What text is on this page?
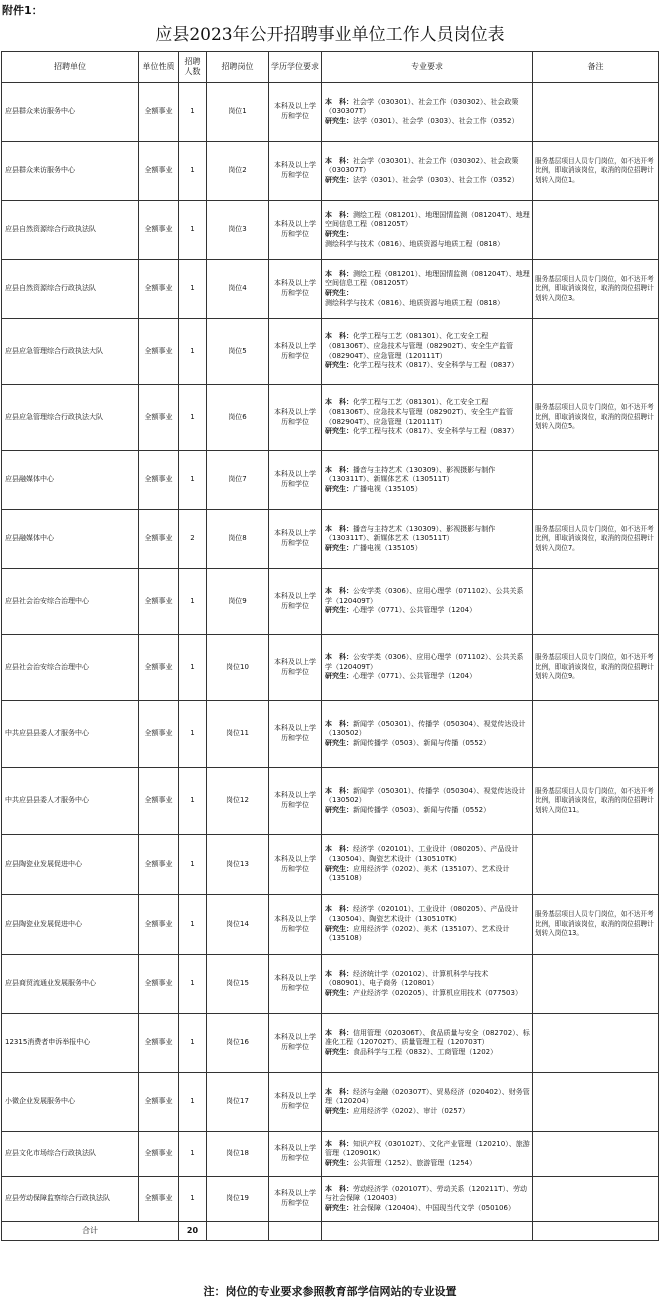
附件1：
应县2023年公开招聘事业单位工作人员岗位表
招聘单位	单位性质	招聘人数	招聘岗位	学历学位要求	专业要求	备注
应县群众来访服务中心	全额事业	1	岗位1	本科及以上学历和学位	本　科：社会学（030301）、社会工作（030302）、社会政策（030307T）
研究生：法学（0301）、社会学（0303）、社会工作（0352）	
应县群众来访服务中心	全额事业	1	岗位2	本科及以上学历和学位	本　科：社会学（030301）、社会工作（030302）、社会政策（030307T）
研究生：法学（0301）、社会学（0303）、社会工作（0352）	服务基层项目人员专门岗位，如不达开考比例，即取消该岗位，取消的岗位招聘计划转入岗位1。
应县自然资源综合行政执法队	全额事业	1	岗位3	本科及以上学历和学位	本　科：测绘工程（081201）、地理国情监测（081204T）、地理空间信息工程（081205T）
研究生：测绘科学与技术（0816）、地质资源与地质工程（0818）	
应县自然资源综合行政执法队	全额事业	1	岗位4	本科及以上学历和学位	本　科：测绘工程（081201）、地理国情监测（081204T）、地理空间信息工程（081205T）
研究生：测绘科学与技术（0816）、地质资源与地质工程（0818）	服务基层项目人员专门岗位，如不达开考比例，即取消该岗位，取消的岗位招聘计划转入岗位3。
应县应急管理综合行政执法大队	全额事业	1	岗位5	本科及以上学历和学位	本　科：化学工程与工艺（081301）、化工安全工程（081306T）、应急技术与管理（082902T）、安全生产监管（082904T）、应急管理（120111T）
研究生：化学工程与技术（0817）、安全科学与工程（0837）	
应县应急管理综合行政执法大队	全额事业	1	岗位6	本科及以上学历和学位	本　科：化学工程与工艺（081301）、化工安全工程（081306T）、应急技术与管理（082902T）、安全生产监管（082904T）、应急管理（120111T）
研究生：化学工程与技术（0817）、安全科学与工程（0837）	服务基层项目人员专门岗位，如不达开考比例，即取消该岗位，取消的岗位招聘计划转入岗位5。
应县融媒体中心	全额事业	1	岗位7	本科及以上学历和学位	本　科：播音与主持艺术（130309）、影视摄影与制作（130311T）、新媒体艺术（130511T）
研究生：广播电视（135105）	
应县融媒体中心	全额事业	2	岗位8	本科及以上学历和学位	本　科：播音与主持艺术（130309）、影视摄影与制作（130311T）、新媒体艺术（130511T）
研究生：广播电视（135105）	服务基层项目人员专门岗位，如不达开考比例，即取消该岗位，取消的岗位招聘计划转入岗位7。
应县社会治安综合治理中心	全额事业	1	岗位9	本科及以上学历和学位	本　科：公安学类（0306）、应用心理学（071102）、公共关系学（120409T）
研究生：心理学（0771）、公共管理学（1204）	
应县社会治安综合治理中心	全额事业	1	岗位10	本科及以上学历和学位	本　科：公安学类（0306）、应用心理学（071102）、公共关系学（120409T）
研究生：心理学（0771）、公共管理学（1204）	服务基层项目人员专门岗位，如不达开考比例，即取消该岗位，取消的岗位招聘计划转入岗位9。
中共应县县委人才服务中心	全额事业	1	岗位11	本科及以上学历和学位	本　科：新闻学（050301）、传播学（050304）、视觉传达设计（130502）
研究生：新闻传播学（0503）、新闻与传播（0552）	
中共应县县委人才服务中心	全额事业	1	岗位12	本科及以上学历和学位	本　科：新闻学（050301）、传播学（050304）、视觉传达设计（130502）
研究生：新闻传播学（0503）、新闻与传播（0552）	服务基层项目人员专门岗位，如不达开考比例，即取消该岗位，取消的岗位招聘计划转入岗位11。
应县陶瓷业发展促进中心	全额事业	1	岗位13	本科及以上学历和学位	本　科：经济学（020101）、工业设计（080205）、产品设计（130504）、陶瓷艺术设计（130510TK）
研究生：应用经济学（0202）、美术（135107）、艺术设计（135108）	
应县陶瓷业发展促进中心	全额事业	1	岗位14	本科及以上学历和学位	本　科：经济学（020101）、工业设计（080205）、产品设计（130504）、陶瓷艺术设计（130510TK）
研究生：应用经济学（0202）、美术（135107）、艺术设计（135108）	服务基层项目人员专门岗位，如不达开考比例，即取消该岗位，取消的岗位招聘计划转入岗位13。
应县商贸流通业发展服务中心	全额事业	1	岗位15	本科及以上学历和学位	本　科：经济统计学（020102）、计算机科学与技术（080901）、电子商务（120801）
研究生：产业经济学（020205）、计算机应用技术（077503）	
12315消费者申诉举报中心	全额事业	1	岗位16	本科及以上学历和学位	本　科：信用管理（020306T）、食品质量与安全（082702）、标准化工程（120702T）、质量管理工程（120703T）
研究生：食品科学与工程（0832）、工商管理（1202）	
小微企业发展服务中心	全额事业	1	岗位17	本科及以上学历和学位	本　科：经济与金融（020307T）、贸易经济（020402）、财务管理（120204）
研究生：应用经济学（0202）、审计（0257）	
应县文化市场综合行政执法队	全额事业	1	岗位18	本科及以上学历和学位	本　科：知识产权（030102T）、文化产业管理（120210）、旅游管理（120901K）
研究生：公共管理（1252）、旅游管理（1254）	
应县劳动保障监察综合行政执法队	全额事业	1	岗位19	本科及以上学历和学位	本　科：劳动经济学（020107T）、劳动关系（120211T）、劳动与社会保障（120403）
研究生：社会保障（120404）、中国现当代文学（050106）	
合计		20				
注：岗位的专业要求参照教育部学信网站的专业设置
